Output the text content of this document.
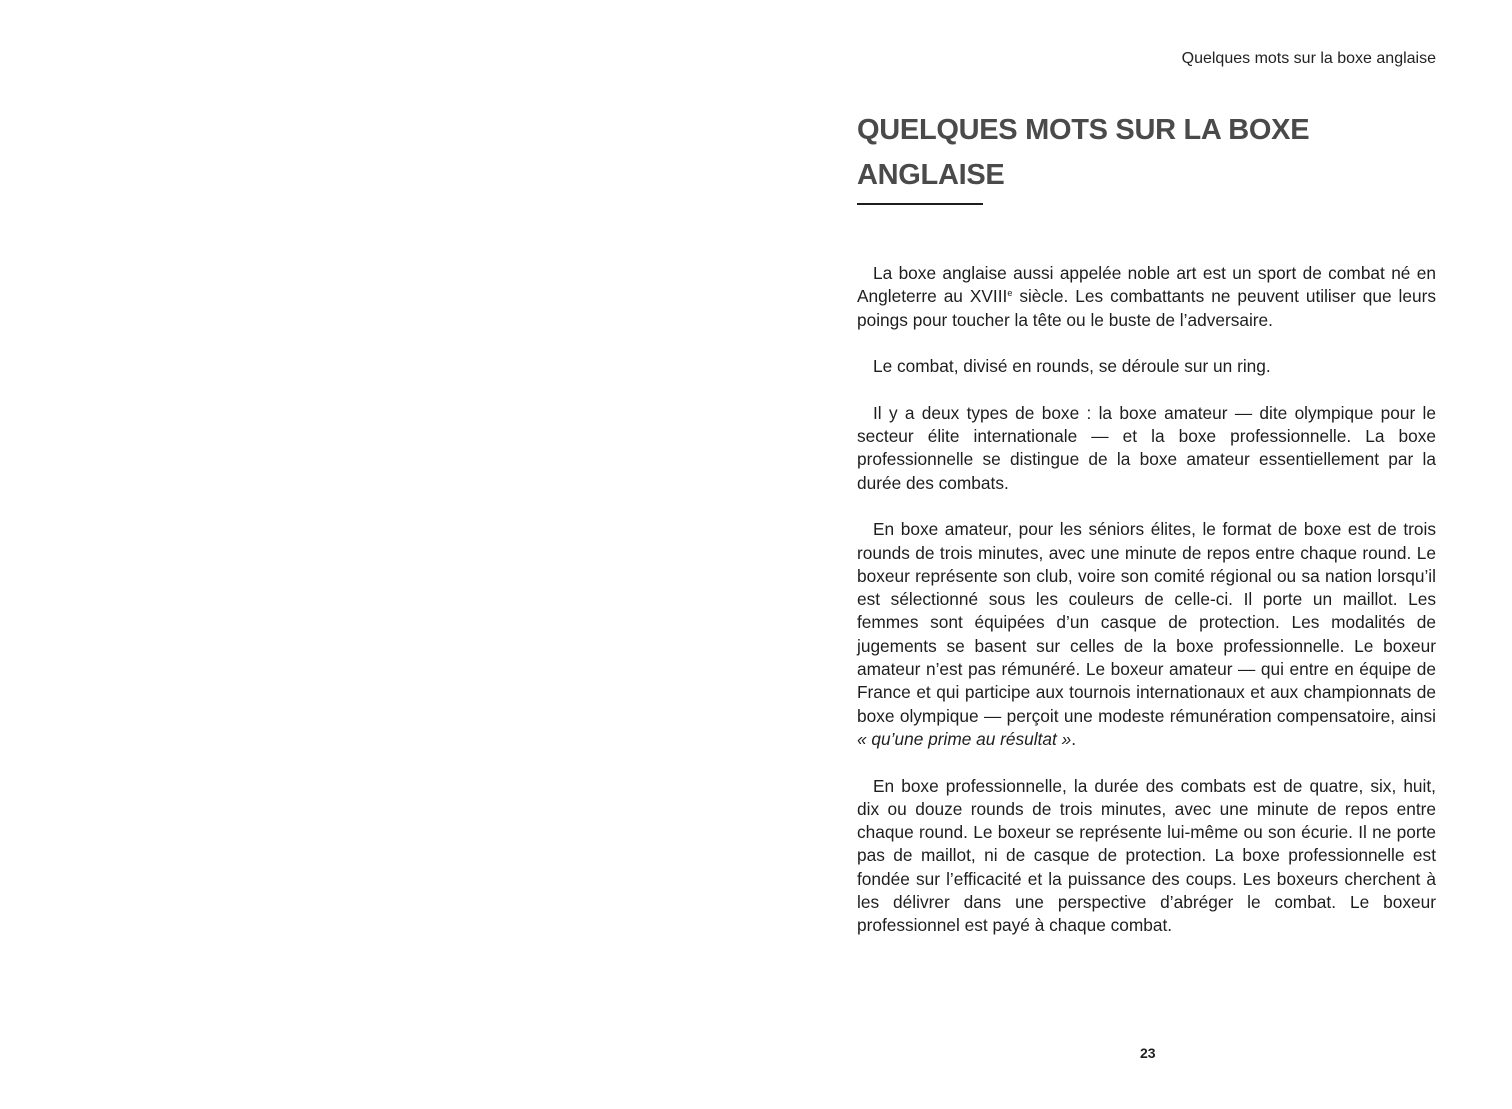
Quelques mots sur la boxe anglaise
QUELQUES MOTS SUR LA BOXE ANGLAISE

La boxe anglaise aussi appelée noble art est un sport de combat né en Angleterre au XVIIIe siècle. Les combattants ne peuvent utiliser que leurs poings pour toucher la tête ou le buste de l’adversaire.

Le combat, divisé en rounds, se déroule sur un ring.

Il y a deux types de boxe : la boxe amateur — dite olympique pour le secteur élite internationale — et la boxe professionnelle. La boxe professionnelle se distingue de la boxe amateur essentiellement par la durée des combats.

En boxe amateur, pour les séniors élites, le format de boxe est de trois rounds de trois minutes, avec une minute de repos entre chaque round. Le boxeur représente son club, voire son comité régional ou sa nation lorsqu’il est sélectionné sous les couleurs de celle-ci. Il porte un maillot. Les femmes sont équipées d’un casque de protection. Les modalités de jugements se basent sur celles de la boxe professionnelle. Le boxeur amateur n’est pas rémunéré. Le boxeur amateur — qui entre en équipe de France et qui participe aux tournois internationaux et aux championnats de boxe olympique — perçoit une modeste rémunération compensatoire, ainsi « qu’une prime au résultat ».

En boxe professionnelle, la durée des combats est de quatre, six, huit, dix ou douze rounds de trois minutes, avec une minute de repos entre chaque round. Le boxeur se représente lui-même ou son écurie. Il ne porte pas de maillot, ni de casque de protection. La boxe professionnelle est fondée sur l’efficacité et la puissance des coups. Les boxeurs cherchent à les délivrer dans une perspective d’abréger le combat. Le boxeur professionnel est payé à chaque combat.

23
